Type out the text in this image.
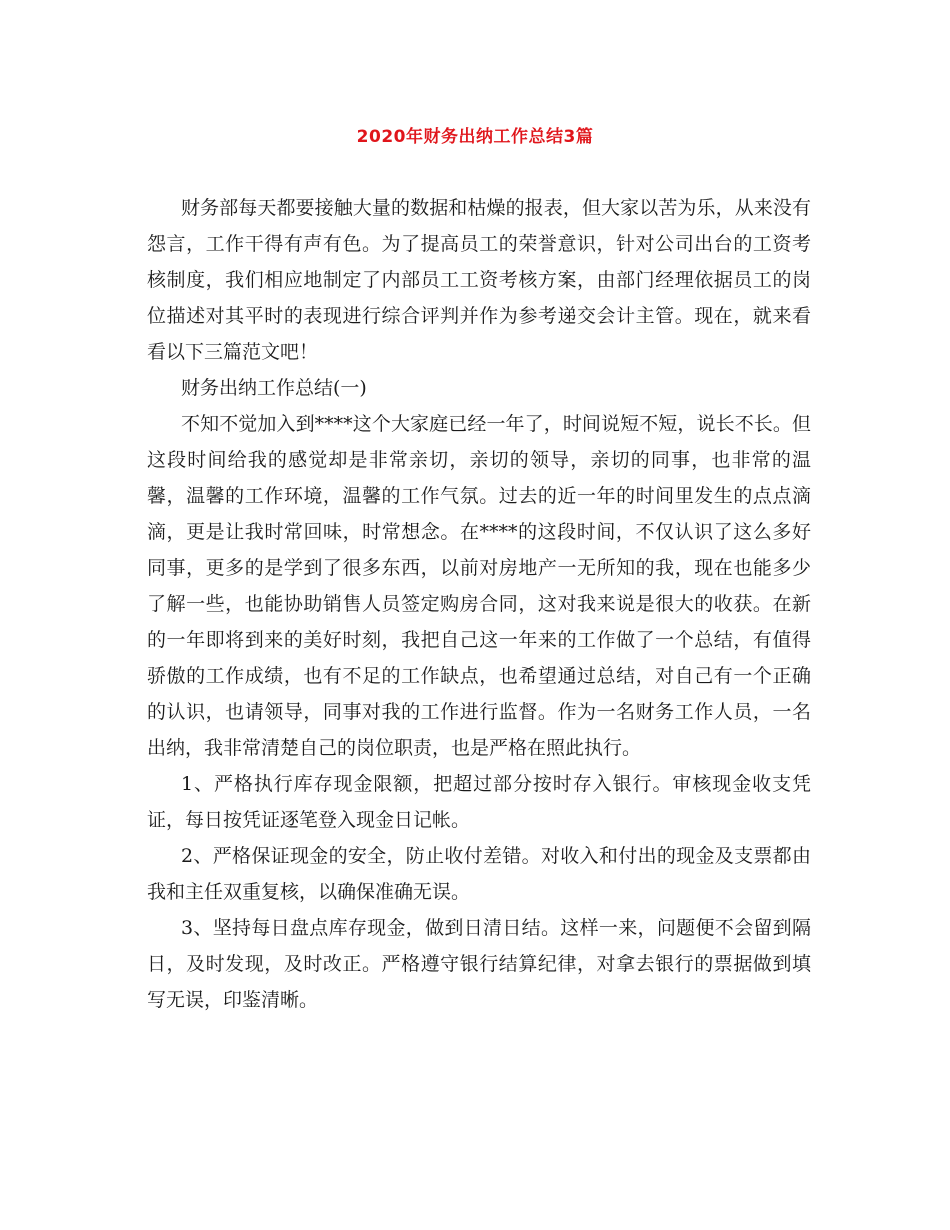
2020年财务出纳工作总结3篇

财务部每天都要接触大量的数据和枯燥的报表，但大家以苦为乐，从来没有怨言，工作干得有声有色。为了提高员工的荣誉意识，针对公司出台的工资考核制度，我们相应地制定了内部员工工资考核方案，由部门经理依据员工的岗位描述对其平时的表现进行综合评判并作为参考递交会计主管。现在，就来看看以下三篇范文吧！

财务出纳工作总结(一)

不知不觉加入到****这个大家庭已经一年了，时间说短不短，说长不长。但这段时间给我的感觉却是非常亲切，亲切的领导，亲切的同事，也非常的温馨，温馨的工作环境，温馨的工作气氛。过去的近一年的时间里发生的点点滴滴，更是让我时常回味，时常想念。在****的这段时间，不仅认识了这么多好同事，更多的是学到了很多东西，以前对房地产一无所知的我，现在也能多少了解一些，也能协助销售人员签定购房合同，这对我来说是很大的收获。在新的一年即将到来的美好时刻，我把自己这一年来的工作做了一个总结，有值得骄傲的工作成绩，也有不足的工作缺点，也希望通过总结，对自己有一个正确的认识，也请领导，同事对我的工作进行监督。作为一名财务工作人员，一名出纳，我非常清楚自己的岗位职责，也是严格在照此执行。

1、严格执行库存现金限额，把超过部分按时存入银行。审核现金收支凭证，每日按凭证逐笔登入现金日记帐。

2、严格保证现金的安全，防止收付差错。对收入和付出的现金及支票都由我和主任双重复核，以确保准确无误。

3、坚持每日盘点库存现金，做到日清日结。这样一来，问题便不会留到隔日，及时发现，及时改正。严格遵守银行结算纪律，对拿去银行的票据做到填写无误，印鉴清晰。
